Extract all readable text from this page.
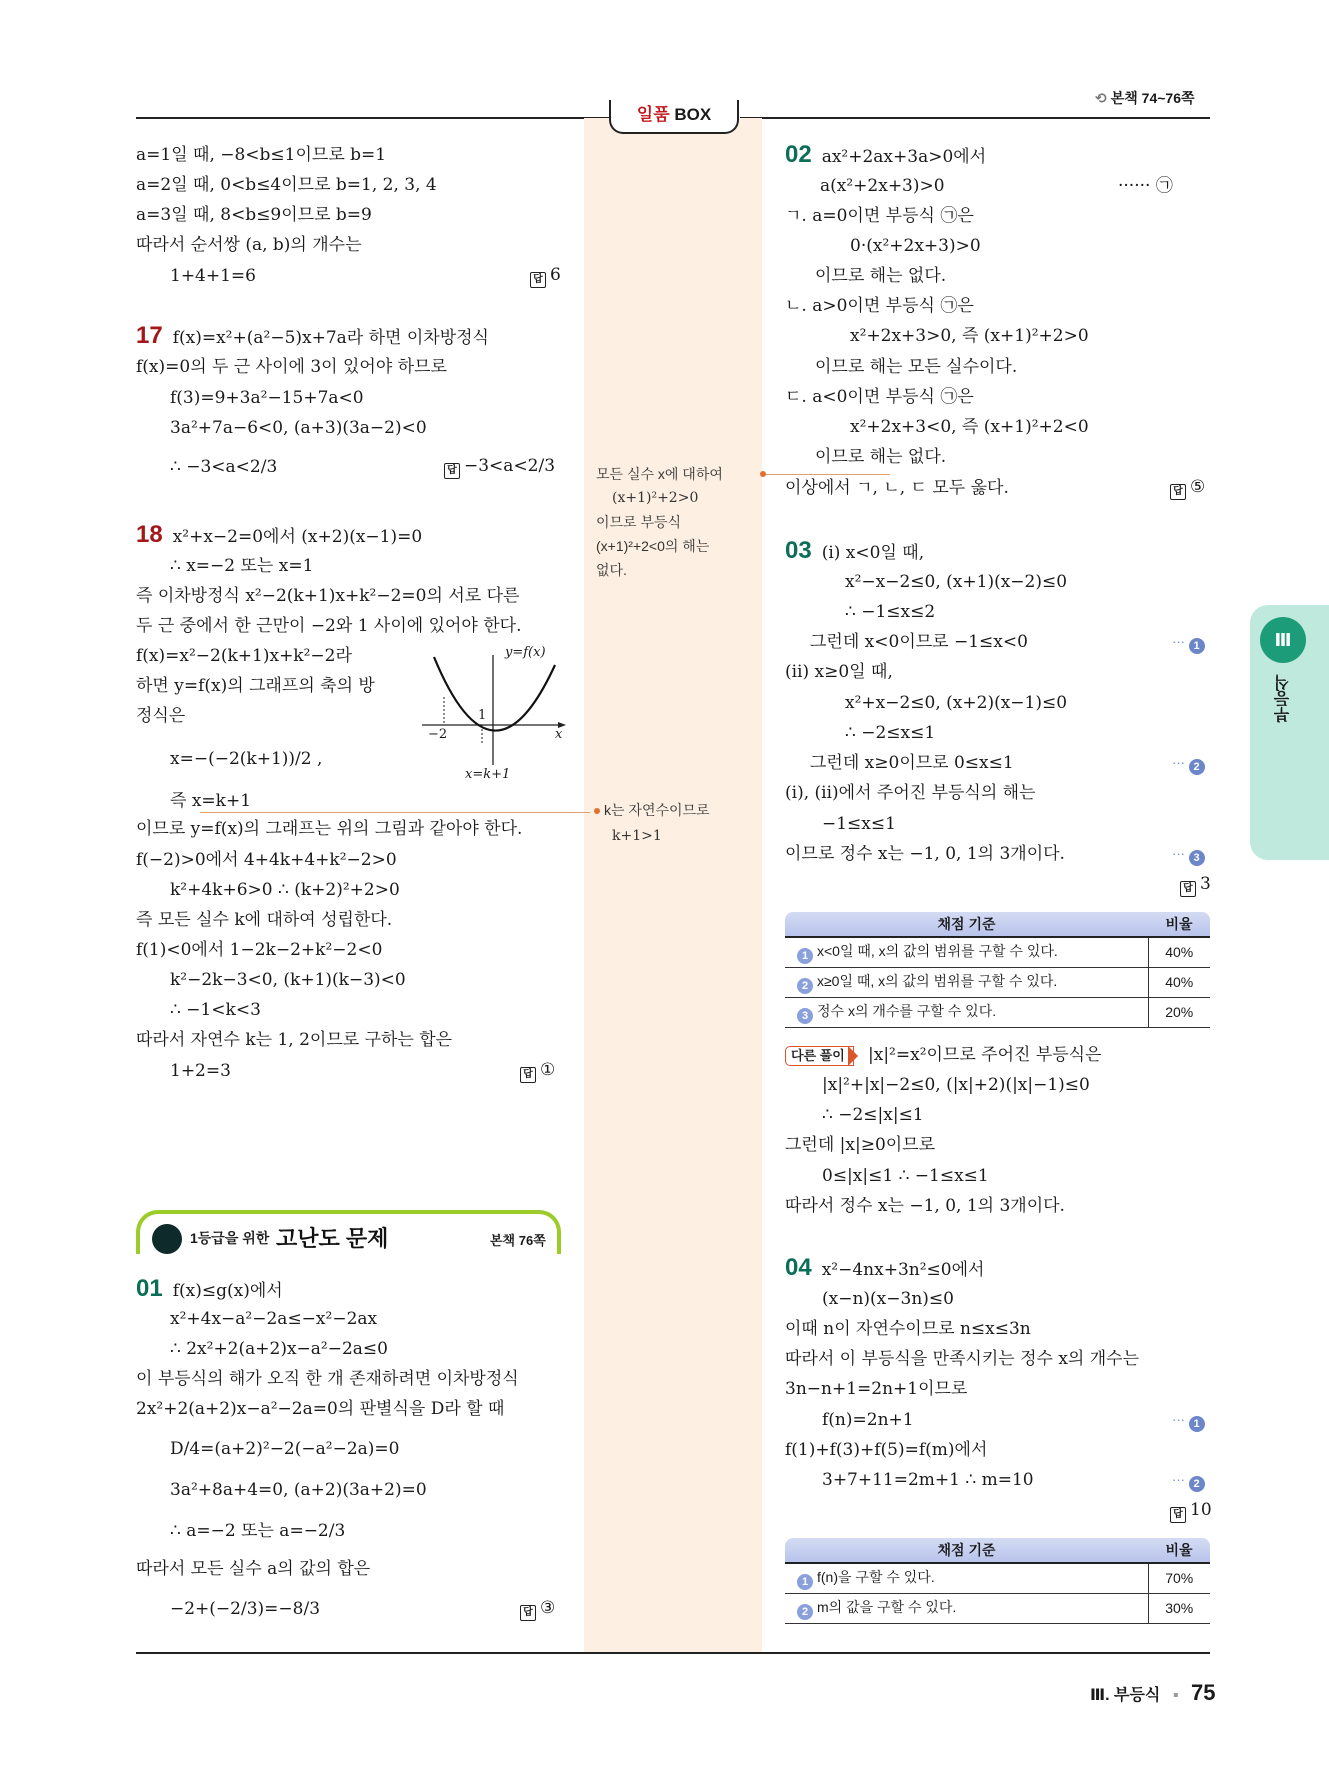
⟲ 본책 74~76쪽
일품 BOX
a=1일 때, −8<b≤1이므로 b=1
a=2일 때, 0<b≤4이므로 b=1, 2, 3, 4
a=3일 때, 8<b≤9이므로 b=9
따라서 순서쌍 (a, b)의 개수는
1+4+1=6	답 6
17 f(x)=x²+(a²−5)x+7a라 하면 이차방정식
f(x)=0의 두 근 사이에 3이 있어야 하므로
f(3)=9+3a²−15+7a<0
3a²+7a−6<0, (a+3)(3a−2)<0
∴ −3<a<2/3	답 −3<a<2/3
18 x²+x−2=0에서 (x+2)(x−1)=0
∴ x=−2 또는 x=1
즉 이차방정식 x²−2(k+1)x+k²−2=0의 서로 다른
두 근 중에서 한 근만이 −2와 1 사이에 있어야 한다.
f(x)=x²−2(k+1)x+k²−2라
하면 y=f(x)의 그래프의 축의 방
정식은
x=−(−2(k+1))/2 ,
즉 x=k+1
이므로 y=f(x)의 그래프는 위의 그림과 같아야 한다.
f(−2)>0에서 4+4k+4+k²−2>0
k²+4k+6>0 ∴ (k+2)²+2>0
즉 모든 실수 k에 대하여 성립한다.
f(1)<0에서 1−2k−2+k²−2<0
k²−2k−3<0, (k+1)(k−3)<0
∴ −1<k<3
따라서 자연수 k는 1, 2이므로 구하는 합은
1+2=3	답 ①
y=f(x)
x
−2
1
x=k+1
1등급을 위한 고난도 문제	본책 76쪽
01 f(x)≤g(x)에서
x²+4x−a²−2a≤−x²−2ax
∴ 2x²+2(a+2)x−a²−2a≤0
이 부등식의 해가 오직 한 개 존재하려면 이차방정식
2x²+2(a+2)x−a²−2a=0의 판별식을 D라 할 때
D/4=(a+2)²−2(−a²−2a)=0
3a²+8a+4=0, (a+2)(3a+2)=0
∴ a=−2 또는 a=−2/3
따라서 모든 실수 a의 값의 합은
−2+(−2/3)=−8/3	답 ③
모든 실수 x에 대하여
(x+1)²+2>0
이므로 부등식
(x+1)²+2<0의 해는
없다.
k는 자연수이므로
k+1>1
02 ax²+2ax+3a>0에서
a(x²+2x+3)>0	······ ㉠
ㄱ. a=0이면 부등식 ㉠은
0·(x²+2x+3)>0
이므로 해는 없다.
ㄴ. a>0이면 부등식 ㉠은
x²+2x+3>0, 즉 (x+1)²+2>0
이므로 해는 모든 실수이다.
ㄷ. a<0이면 부등식 ㉠은
x²+2x+3<0, 즉 (x+1)²+2<0
이므로 해는 없다.
이상에서 ㄱ, ㄴ, ㄷ 모두 옳다.	답 ⑤
03 (ⅰ) x<0일 때,
x²−x−2≤0, (x+1)(x−2)≤0
∴ −1≤x≤2
그런데 x<0이므로 −1≤x<0	··· 1
(ⅱ) x≥0일 때,
x²+x−2≤0, (x+2)(x−1)≤0
∴ −2≤x≤1
그런데 x≥0이므로 0≤x≤1	··· 2
(ⅰ), (ⅱ)에서 주어진 부등식의 해는
−1≤x≤1
이므로 정수 x는 −1, 0, 1의 3개이다.	··· 3
답 3
채점 기준	비율
1 x<0일 때, x의 값의 범위를 구할 수 있다.	40%
2 x≥0일 때, x의 값의 범위를 구할 수 있다.	40%
3 정수 x의 개수를 구할 수 있다.	20%
다른 풀이	|x|²=x²이므로 주어진 부등식은
|x|²+|x|−2≤0, (|x|+2)(|x|−1)≤0
∴ −2≤|x|≤1
그런데 |x|≥0이므로
0≤|x|≤1 ∴ −1≤x≤1
따라서 정수 x는 −1, 0, 1의 3개이다.
04 x²−4nx+3n²≤0에서
(x−n)(x−3n)≤0
이때 n이 자연수이므로 n≤x≤3n
따라서 이 부등식을 만족시키는 정수 x의 개수는
3n−n+1=2n+1이므로
f(n)=2n+1	··· 1
f(1)+f(3)+f(5)=f(m)에서
3+7+11=2m+1 ∴ m=10	··· 2
답 10
채점 기준	비율
1 f(n)을 구할 수 있다.	70%
2 m의 값을 구할 수 있다.	30%
Ⅲ
부등식
Ⅲ. 부등식 ▪ 75
